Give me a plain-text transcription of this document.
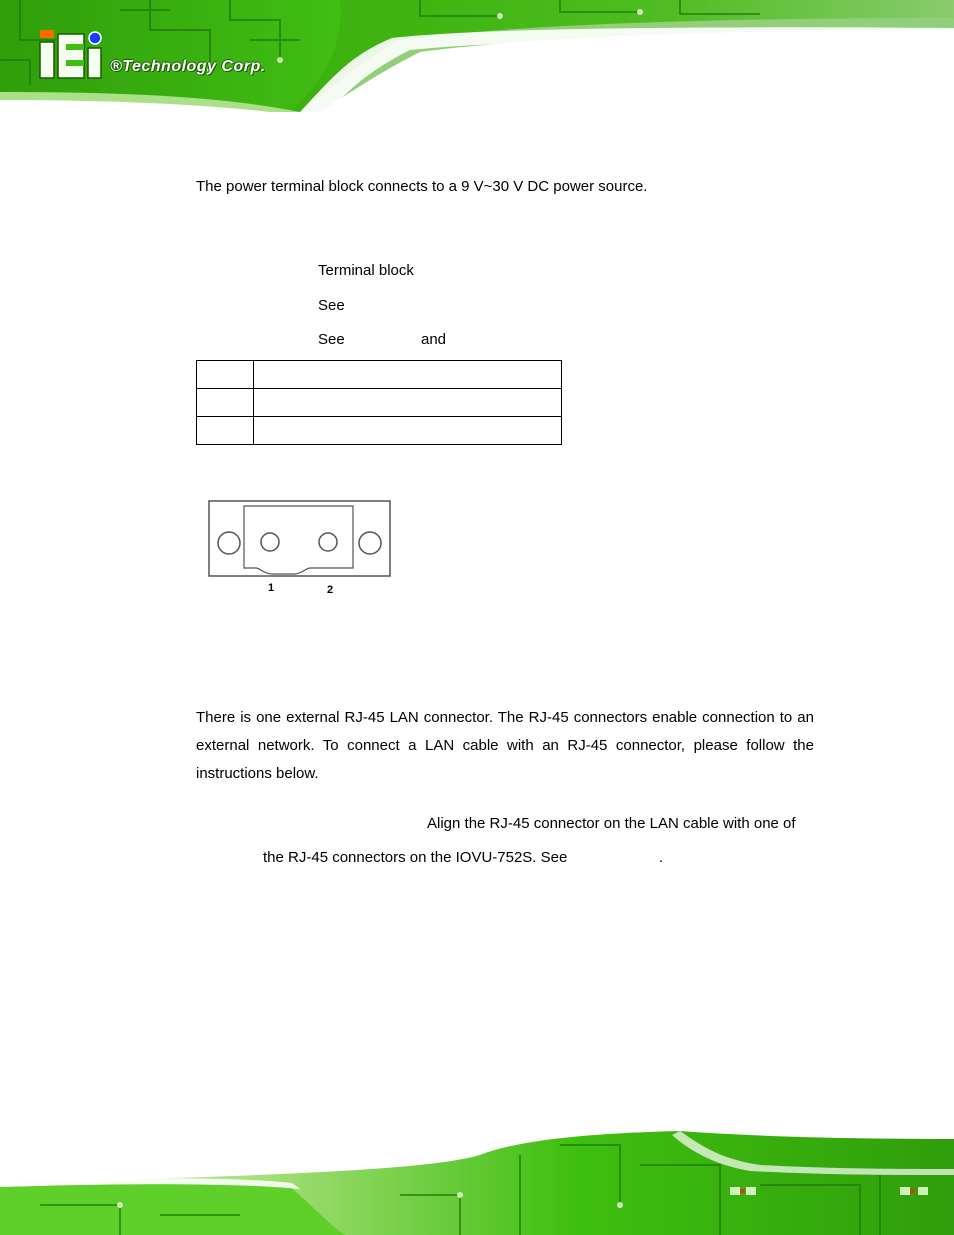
®Technology Corp.
The power terminal block connects to a 9 V~30 V DC power source.
Terminal block
See
See	and

1	2
There is one external RJ-45 LAN connector. The RJ-45 connectors enable connection to an external network. To connect a LAN cable with an RJ-45 connector, please follow the instructions below.
Align the RJ-45 connector on the LAN cable with one of
the RJ-45 connectors on the IOVU-752S. See	.
